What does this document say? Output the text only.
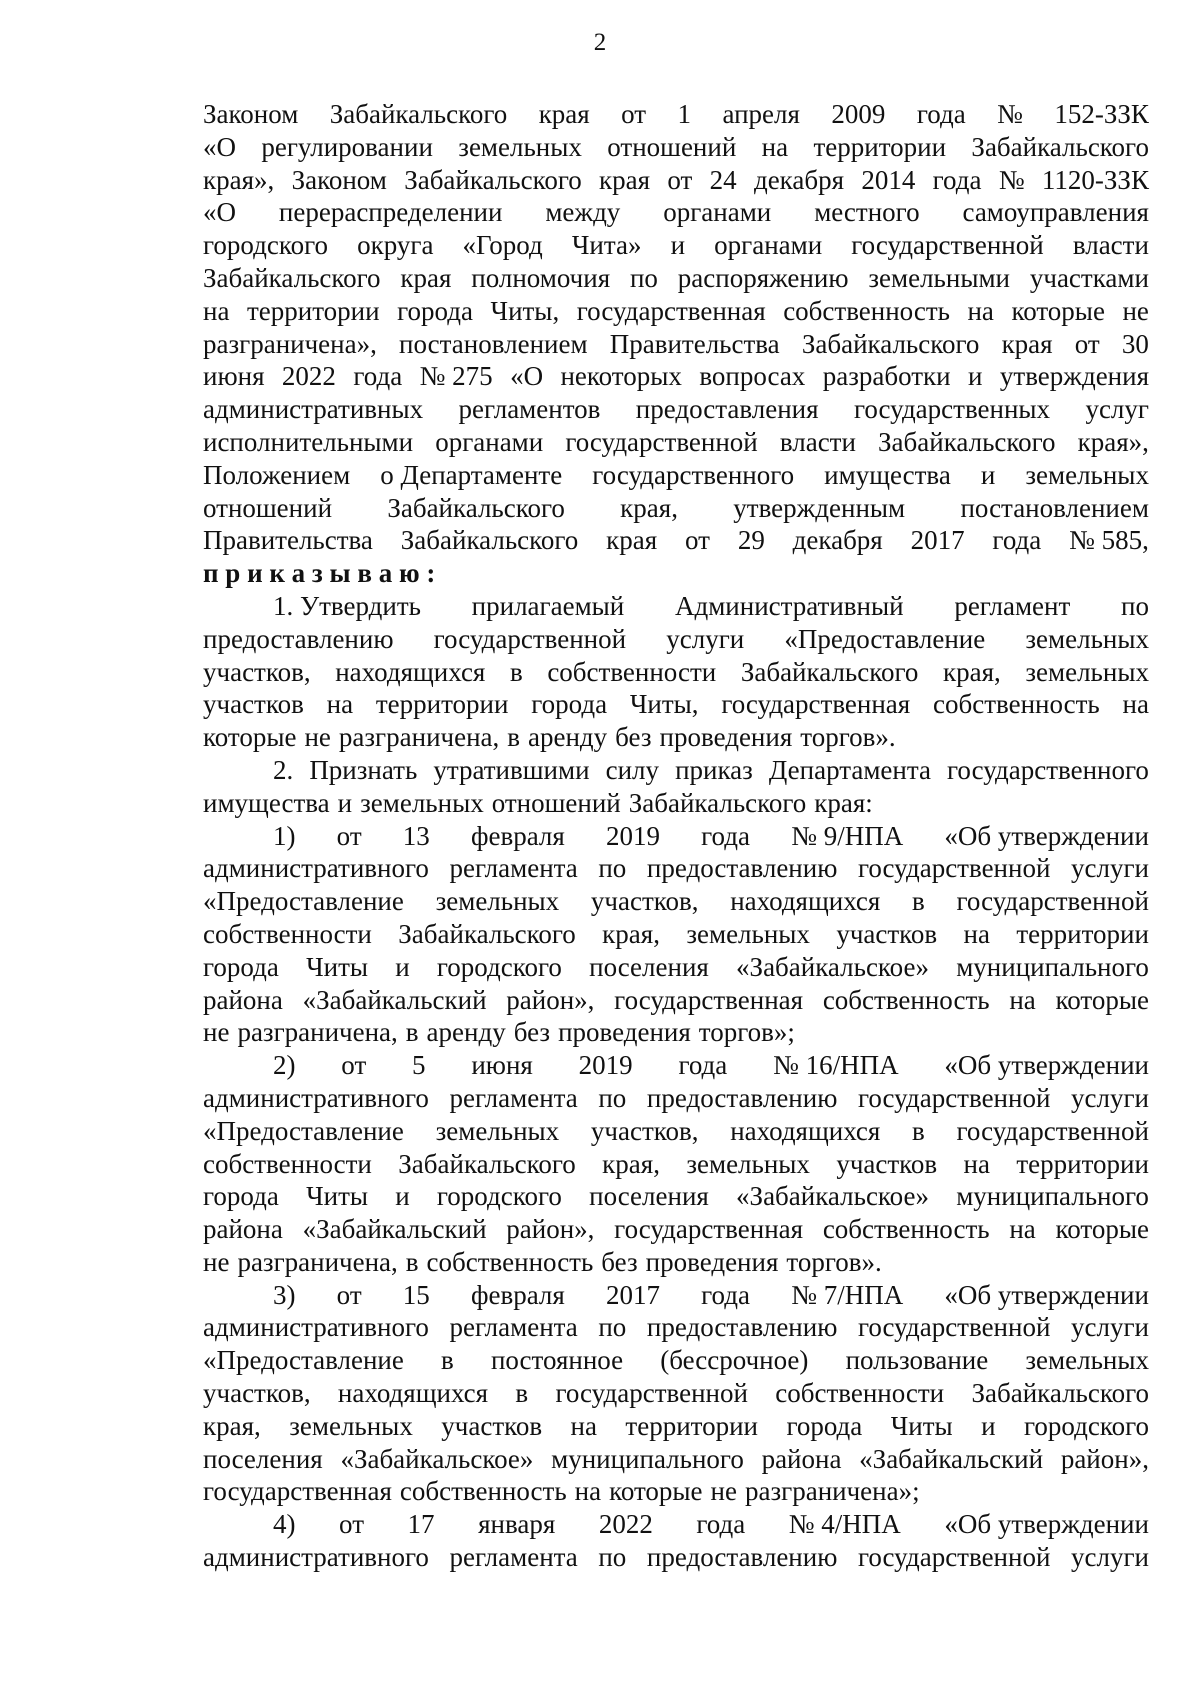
2
Законом Забайкальского края от 1 апреля 2009 года № 152-ЗЗК
«О регулировании земельных отношений на территории Забайкальского
края», Законом Забайкальского края от 24 декабря 2014 года № 1120-ЗЗК
«О перераспределении между органами местного самоуправления
городского округа «Город Чита» и органами государственной власти
Забайкальского края полномочия по распоряжению земельными участками
на территории города Читы, государственная собственность на которые не
разграничена», постановлением Правительства Забайкальского края от 30
июня 2022 года № 275 «О некоторых вопросах разработки и утверждения
административных регламентов предоставления государственных услуг
исполнительными органами государственной власти Забайкальского края»,
Положением о Департаменте государственного имущества и земельных
отношений Забайкальского края, утвержденным постановлением
Правительства Забайкальского края от 29 декабря 2017 года № 585,
п р и к а з ы в а ю :
1. Утвердить прилагаемый Административный регламент по
предоставлению государственной услуги «Предоставление земельных
участков, находящихся в собственности Забайкальского края, земельных
участков на территории города Читы, государственная собственность на
которые не разграничена, в аренду без проведения торгов».
2. Признать утратившими силу приказ Департамента государственного
имущества и земельных отношений Забайкальского края:
1) от 13 февраля 2019 года № 9/НПА «Об утверждении
административного регламента по предоставлению государственной услуги
«Предоставление земельных участков, находящихся в государственной
собственности Забайкальского края, земельных участков на территории
города Читы и городского поселения «Забайкальское» муниципального
района «Забайкальский район», государственная собственность на которые
не разграничена, в аренду без проведения торгов»;
2) от 5 июня 2019 года № 16/НПА «Об утверждении
административного регламента по предоставлению государственной услуги
«Предоставление земельных участков, находящихся в государственной
собственности Забайкальского края, земельных участков на территории
города Читы и городского поселения «Забайкальское» муниципального
района «Забайкальский район», государственная собственность на которые
не разграничена, в собственность без проведения торгов».
3) от 15 февраля 2017 года № 7/НПА «Об утверждении
административного регламента по предоставлению государственной услуги
«Предоставление в постоянное (бессрочное) пользование земельных
участков, находящихся в государственной собственности Забайкальского
края, земельных участков на территории города Читы и городского
поселения «Забайкальское» муниципального района «Забайкальский район»,
государственная собственность на которые не разграничена»;
4) от 17 января 2022 года № 4/НПА «Об утверждении
административного регламента по предоставлению государственной услуги
